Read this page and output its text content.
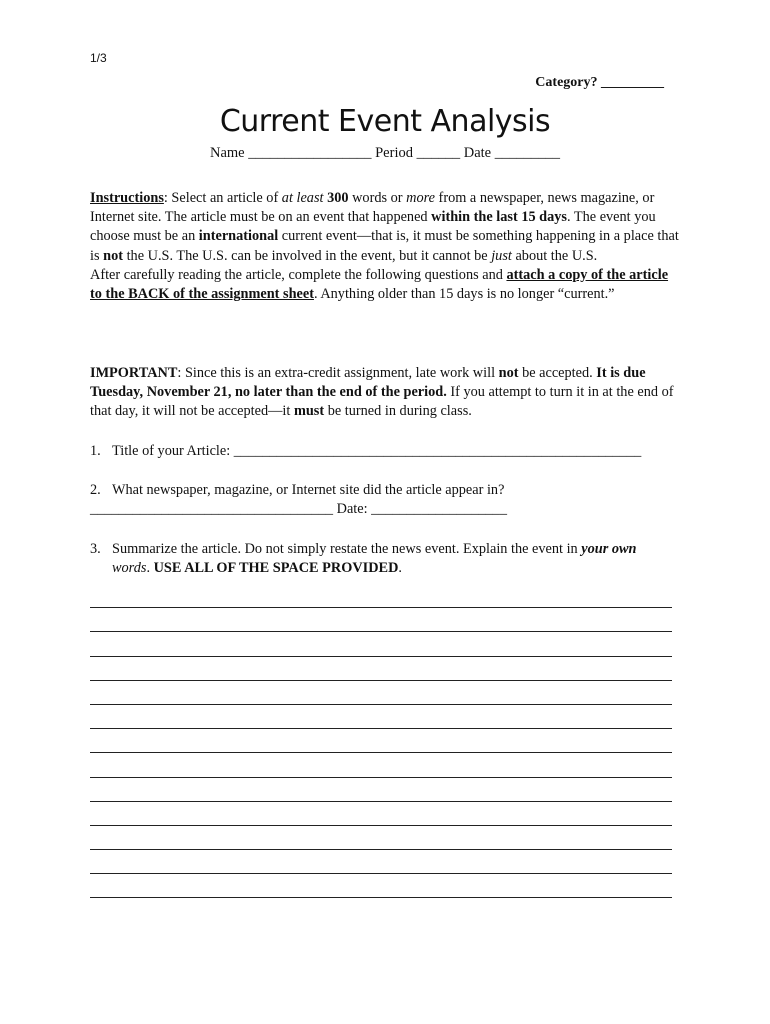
1/3
Category? _________
Current Event Analysis
Name _________________ Period ______ Date _________
Instructions: Select an article of at least 300 words or more from a newspaper, news magazine, or Internet site. The article must be on an event that happened within the last 15 days. The event you choose must be an international current event—that is, it must be something happening in a place that is not the U.S. The U.S. can be involved in the event, but it cannot be just about the U.S.
After carefully reading the article, complete the following questions and attach a copy of the article to the BACK of the assignment sheet. Anything older than 15 days is no longer “current.”
IMPORTANT: Since this is an extra-credit assignment, late work will not be accepted. It is due Tuesday, November 21, no later than the end of the period. If you attempt to turn it in at the end of that day, it will not be accepted—it must be turned in during class.
1. Title of your Article: _________________________________________________________
2. What newspaper, magazine, or Internet site did the article appear in?
__________________________________ Date: ___________________
3. Summarize the article. Do not simply restate the news event. Explain the event in your own
words. USE ALL OF THE SPACE PROVIDED.
